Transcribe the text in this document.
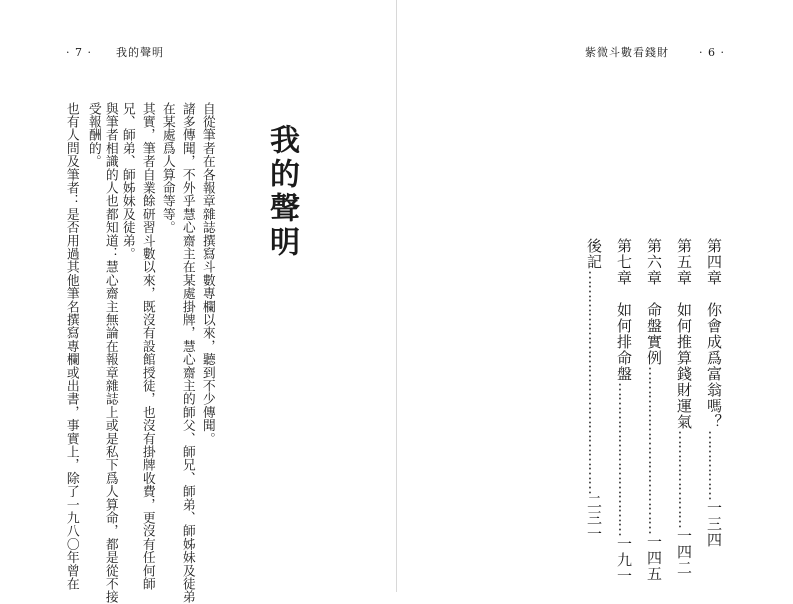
· 7 · 我的聲明	紫微斗數看錢財	· 6 ·
自從筆者在各報章雜誌撰寫斗數專欄以來，聽到不少傳聞。
諸多傳聞，不外乎慧心齋主在某處掛牌，慧心齋主的師父、師兄、師弟、師姊妹及徒弟
在某處爲人算命等等。
其實，筆者自業餘研習斗數以來，既沒有設館授徒，也沒有掛牌收費，更沒有任何師
兄、師弟、師姊妹及徒弟。
與筆者相識的人也都知道：慧心齋主無論在報章雜誌上或是私下爲人算命，都是從不接
受報酬的。
也有人問及筆者：是否用過其他筆名撰寫專欄或出書，事實上，除了一九八〇年曾在	我的聲明
第四章　你會成爲富翁嗎？……………一三四
第五章　如何推算錢財運氣…………………一四二
第六章　命盤實例………………………………一四五
第七章　如何排命盤……………………………一九一
後記…………………………………………二三一
